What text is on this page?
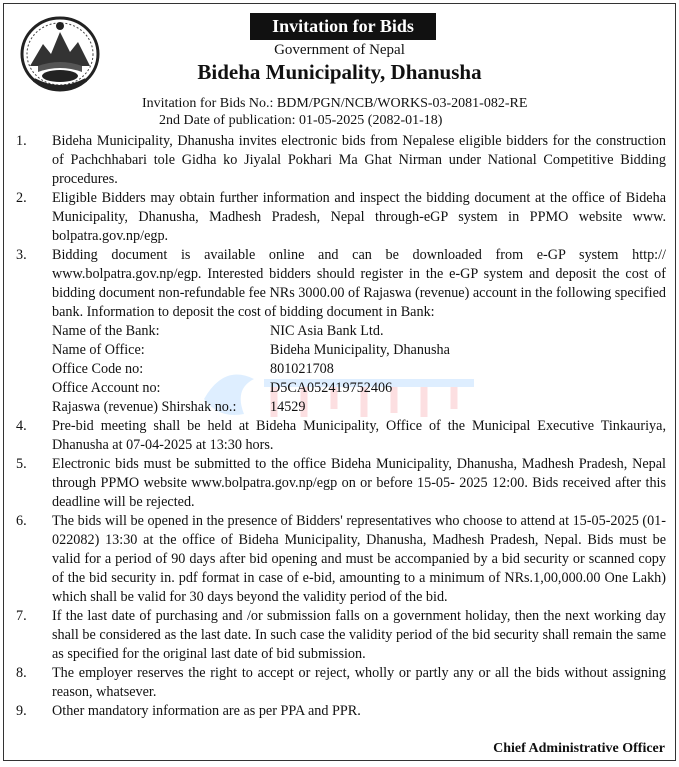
Invitation for Bids
Government of Nepal
Bideha Municipality, Dhanusha
Invitation for Bids No.: BDM/PGN/NCB/WORKS-03-2081-082-RE
2nd Date of publication: 01-05-2025 (2082-01-18)
1. Bideha Municipality, Dhanusha invites electronic bids from Nepalese eligible bidders for the construction of Pachchhabari tole Gidha ko Jiyalal Pokhari Ma Ghat Nirman under National Competitive Bidding procedures.
2. Eligible Bidders may obtain further information and inspect the bidding document at the office of Bideha Municipality, Dhanusha, Madhesh Pradesh, Nepal through-eGP system in PPMO website www. bolpatra.gov.np/egp.
3. Bidding document is available online and can be downloaded from e-GP system http:// www.bolpatra.gov.np/egp. Interested bidders should register in the e-GP system and deposit the cost of bidding document non-refundable fee NRs 3000.00 of Rajaswa (revenue) account in the following specified bank. Information to deposit the cost of bidding document in Bank:
Name of the Bank:	NIC Asia Bank Ltd.
Name of Office:	Bideha Municipality, Dhanusha
Office Code no:	801021708
Office Account no:	D5CA052419752406
Rajaswa (revenue) Shirshak no.:	14529
4. Pre-bid meeting shall be held at Bideha Municipality, Office of the Municipal Executive Tinkauriya, Dhanusha at 07-04-2025 at 13:30 hors.
5. Electronic bids must be submitted to the office Bideha Municipality, Dhanusha, Madhesh Pradesh, Nepal through PPMO website www.bolpatra.gov.np/egp on or before 15-05- 2025 12:00. Bids received after this deadline will be rejected.
6. The bids will be opened in the presence of Bidders' representatives who choose to attend at 15-05-2025 (01-022082) 13:30 at the office of Bideha Municipality, Dhanusha, Madhesh Pradesh, Nepal. Bids must be valid for a period of 90 days after bid opening and must be accompanied by a bid security or scanned copy of the bid security in. pdf format in case of e-bid, amounting to a minimum of NRs.1,00,000.00 One Lakh) which shall be valid for 30 days beyond the validity period of the bid.
7. If the last date of purchasing and /or submission falls on a government holiday, then the next working day shall be considered as the last date. In such case the validity period of the bid security shall remain the same as specified for the original last date of bid submission.
8. The employer reserves the right to accept or reject, wholly or partly any or all the bids without assigning reason, whatsever.
9. Other mandatory information are as per PPA and PPR.
Chief Administrative Officer
